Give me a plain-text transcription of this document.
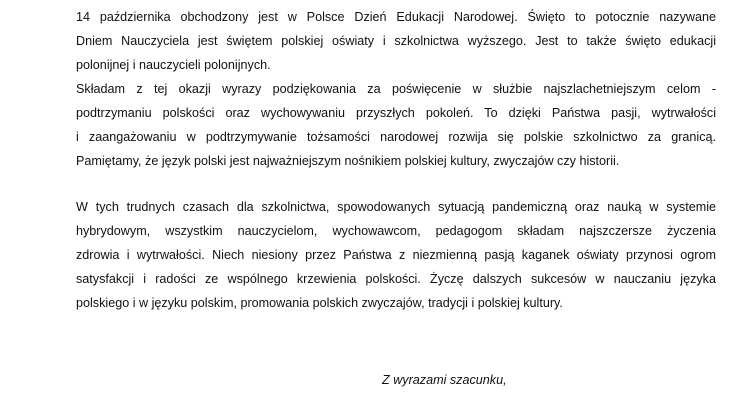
14 października obchodzony jest w Polsce Dzień Edukacji Narodowej. Święto to potocznie nazywane
Dniem Nauczyciela jest świętem polskiej oświaty i szkolnictwa wyższego. Jest to także święto edukacji
polonijnej i nauczycieli polonijnych.
Składam z tej okazji wyrazy podziękowania za poświęcenie w służbie najszlachetniejszym celom -
podtrzymaniu polskości oraz wychowywaniu przyszłych pokoleń. To dzięki Państwa pasji, wytrwałości
i zaangażowaniu w podtrzymywanie tożsamości narodowej rozwija się polskie szkolnictwo za granicą.
Pamiętamy, że język polski jest najważniejszym nośnikiem polskiej kultury, zwyczajów czy historii.
W tych trudnych czasach dla szkolnictwa, spowodowanych sytuacją pandemiczną oraz nauką w systemie
hybrydowym, wszystkim nauczycielom, wychowawcom, pedagogom składam najszczersze życzenia
zdrowia i wytrwałości. Niech niesiony przez Państwa z niezmienną pasją kaganek oświaty przynosi ogrom
satysfakcji i radości ze wspólnego krzewienia polskości. Życzę dalszych sukcesów w nauczaniu języka
polskiego i w języku polskim, promowania polskich zwyczajów, tradycji i polskiej kultury.
Z wyrazami szacunku,
